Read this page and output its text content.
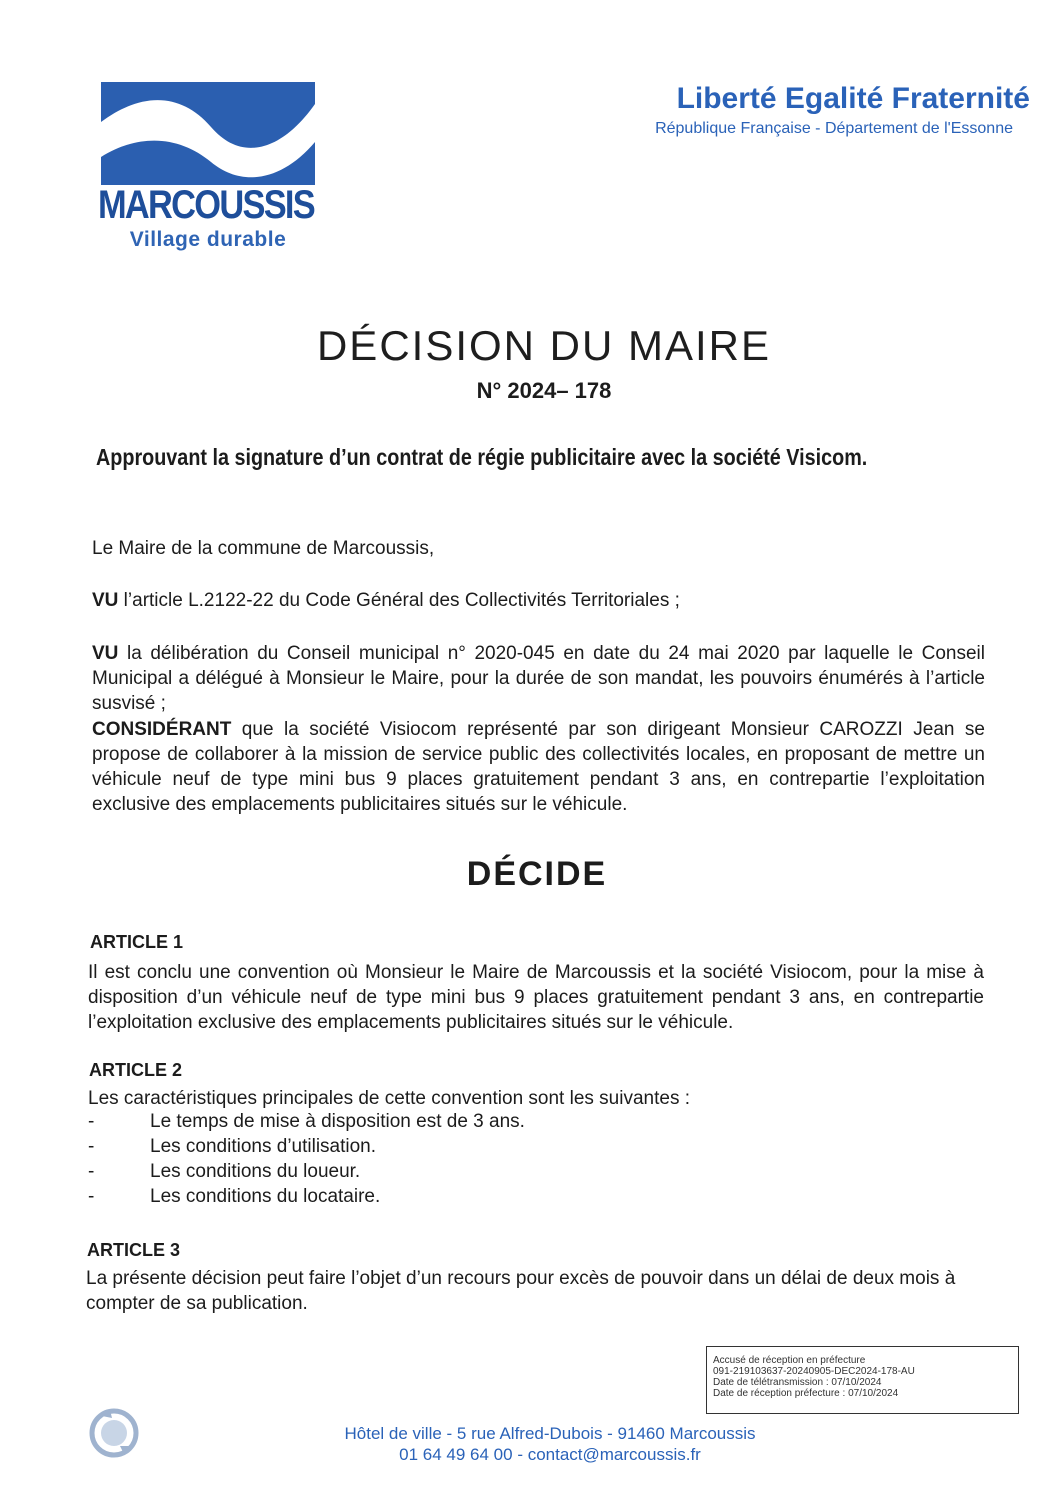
MARCOUSSIS
Village durable
Liberté Egalité Fraternité
République Française - Département de l'Essonne
DÉCISION DU MAIRE
N° 2024– 178
Approuvant la signature d’un contrat de régie publicitaire avec la société Visicom.
Le Maire de la commune de Marcoussis,
VU l’article L.2122-22 du Code Général des Collectivités Territoriales ;
VU la délibération du Conseil municipal n° 2020-045 en date du 24 mai 2020 par laquelle le Conseil Municipal a délégué à Monsieur le Maire, pour la durée de son mandat, les pouvoirs énumérés à l’article susvisé ;
CONSIDÉRANT que la société Visiocom représenté par son dirigeant Monsieur CAROZZI Jean se propose de collaborer à la mission de service public des collectivités locales, en proposant de mettre un véhicule neuf de type mini bus 9 places gratuitement pendant 3 ans, en contrepartie l’exploitation exclusive des emplacements publicitaires situés sur le véhicule.
DÉCIDE
ARTICLE 1
Il est conclu une convention où Monsieur le Maire de Marcoussis et la société Visiocom, pour la mise à disposition d’un véhicule neuf de type mini bus 9 places gratuitement pendant 3 ans, en contrepartie l’exploitation exclusive des emplacements publicitaires situés sur le véhicule.
ARTICLE 2
Les caractéristiques principales de cette convention sont les suivantes :
-	Le temps de mise à disposition est de 3 ans.
-	Les conditions d’utilisation.
-	Les conditions du loueur.
-	Les conditions du locataire.
ARTICLE 3
La présente décision peut faire l’objet d’un recours pour excès de pouvoir dans un délai de deux mois à compter de sa publication.
Accusé de réception en préfecture
091-219103637-20240905-DEC2024-178-AU
Date de télétransmission : 07/10/2024
Date de réception préfecture : 07/10/2024
Hôtel de ville - 5 rue Alfred-Dubois - 91460 Marcoussis
01 64 49 64 00 - contact@marcoussis.fr
